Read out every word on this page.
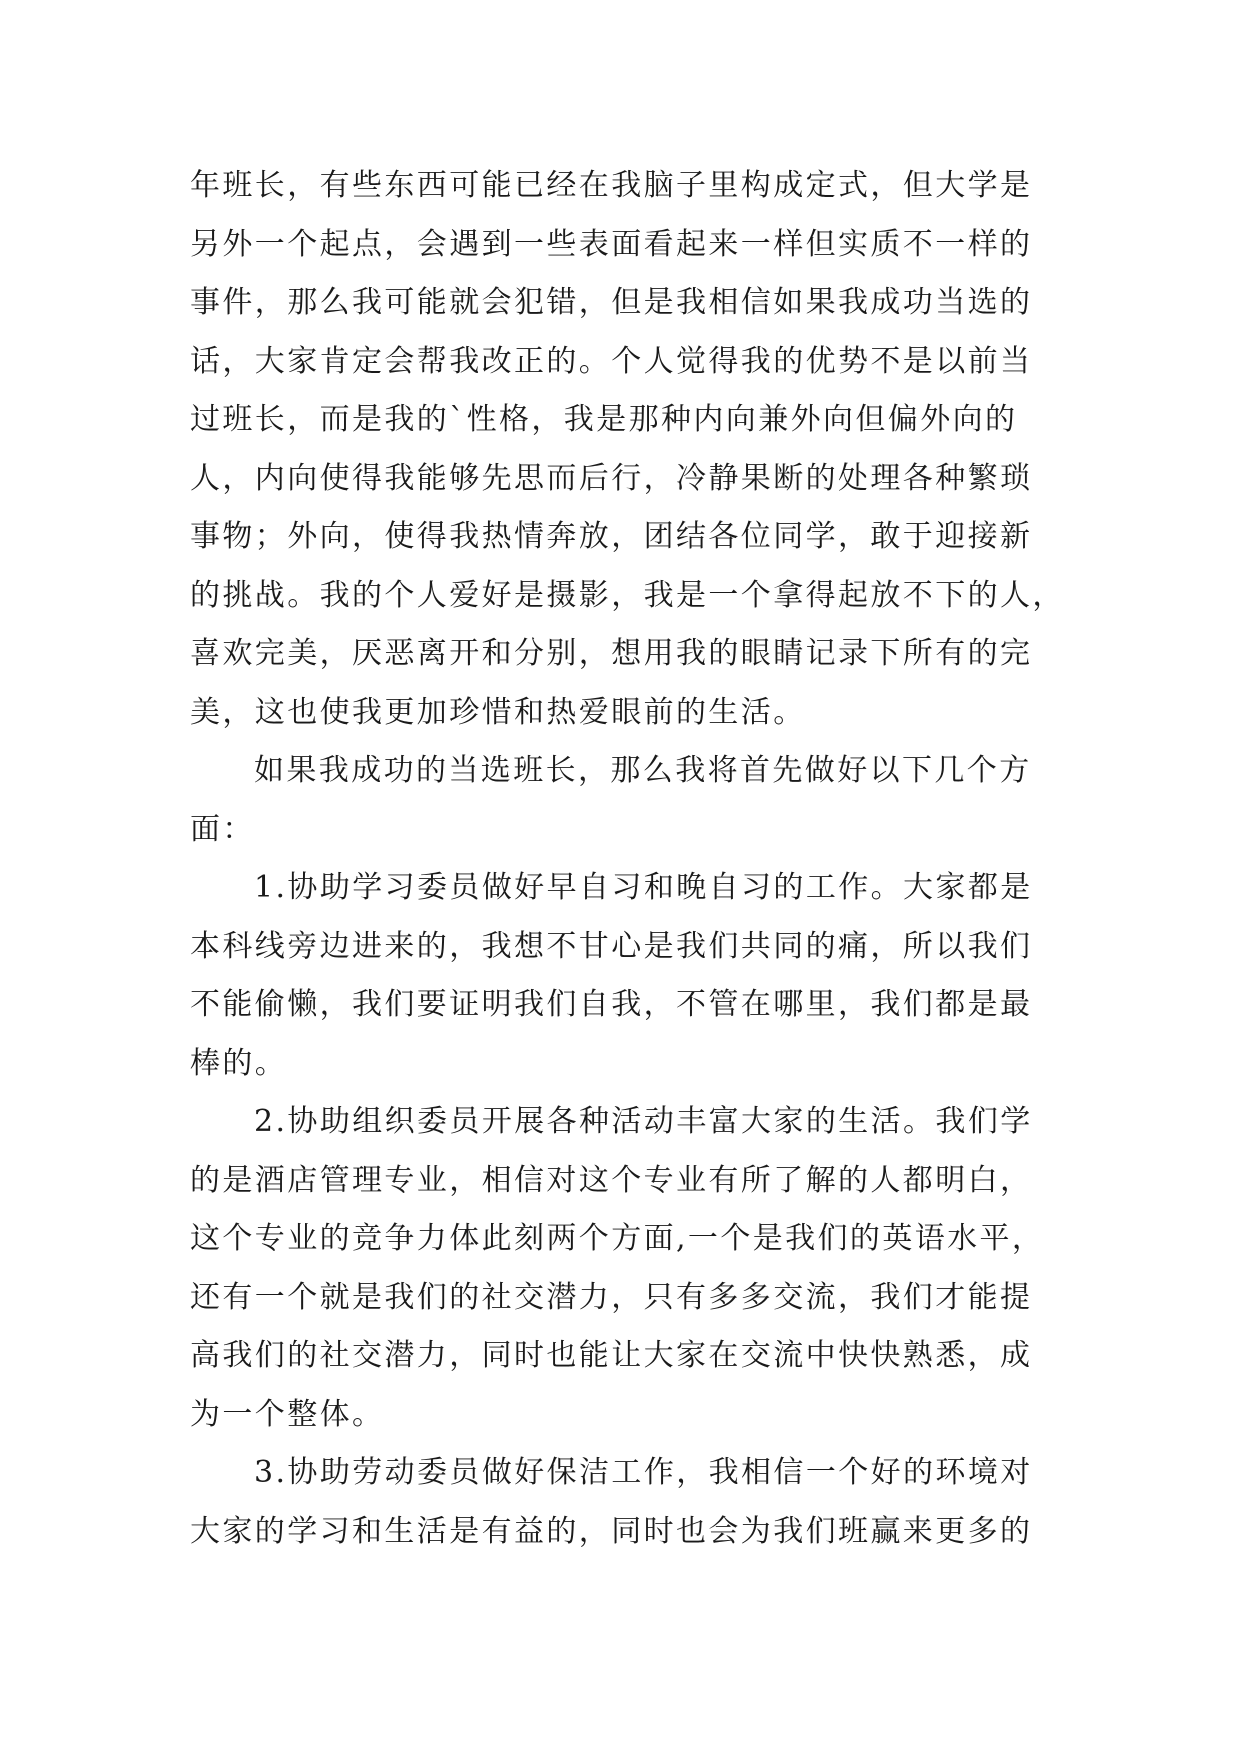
年班长，有些东西可能已经在我脑子里构成定式，但大学是
另外一个起点，会遇到一些表面看起来一样但实质不一样的
事件，那么我可能就会犯错，但是我相信如果我成功当选的
话，大家肯定会帮我改正的。个人觉得我的优势不是以前当
过班长，而是我的`性格，我是那种内向兼外向但偏外向的
人，内向使得我能够先思而后行，冷静果断的处理各种繁琐
事物；外向，使得我热情奔放，团结各位同学，敢于迎接新
的挑战。我的个人爱好是摄影，我是一个拿得起放不下的人，
喜欢完美，厌恶离开和分别，想用我的眼睛记录下所有的完
美，这也使我更加珍惜和热爱眼前的生活。
如果我成功的当选班长，那么我将首先做好以下几个方
面：
1.协助学习委员做好早自习和晚自习的工作。大家都是
本科线旁边进来的，我想不甘心是我们共同的痛，所以我们
不能偷懒，我们要证明我们自我，不管在哪里，我们都是最
棒的。
2.协助组织委员开展各种活动丰富大家的生活。我们学
的是酒店管理专业，相信对这个专业有所了解的人都明白，
这个专业的竞争力体此刻两个方面,一个是我们的英语水平，
还有一个就是我们的社交潜力，只有多多交流，我们才能提
高我们的社交潜力，同时也能让大家在交流中快快熟悉，成
为一个整体。
3.协助劳动委员做好保洁工作，我相信一个好的环境对
大家的学习和生活是有益的，同时也会为我们班赢来更多的
